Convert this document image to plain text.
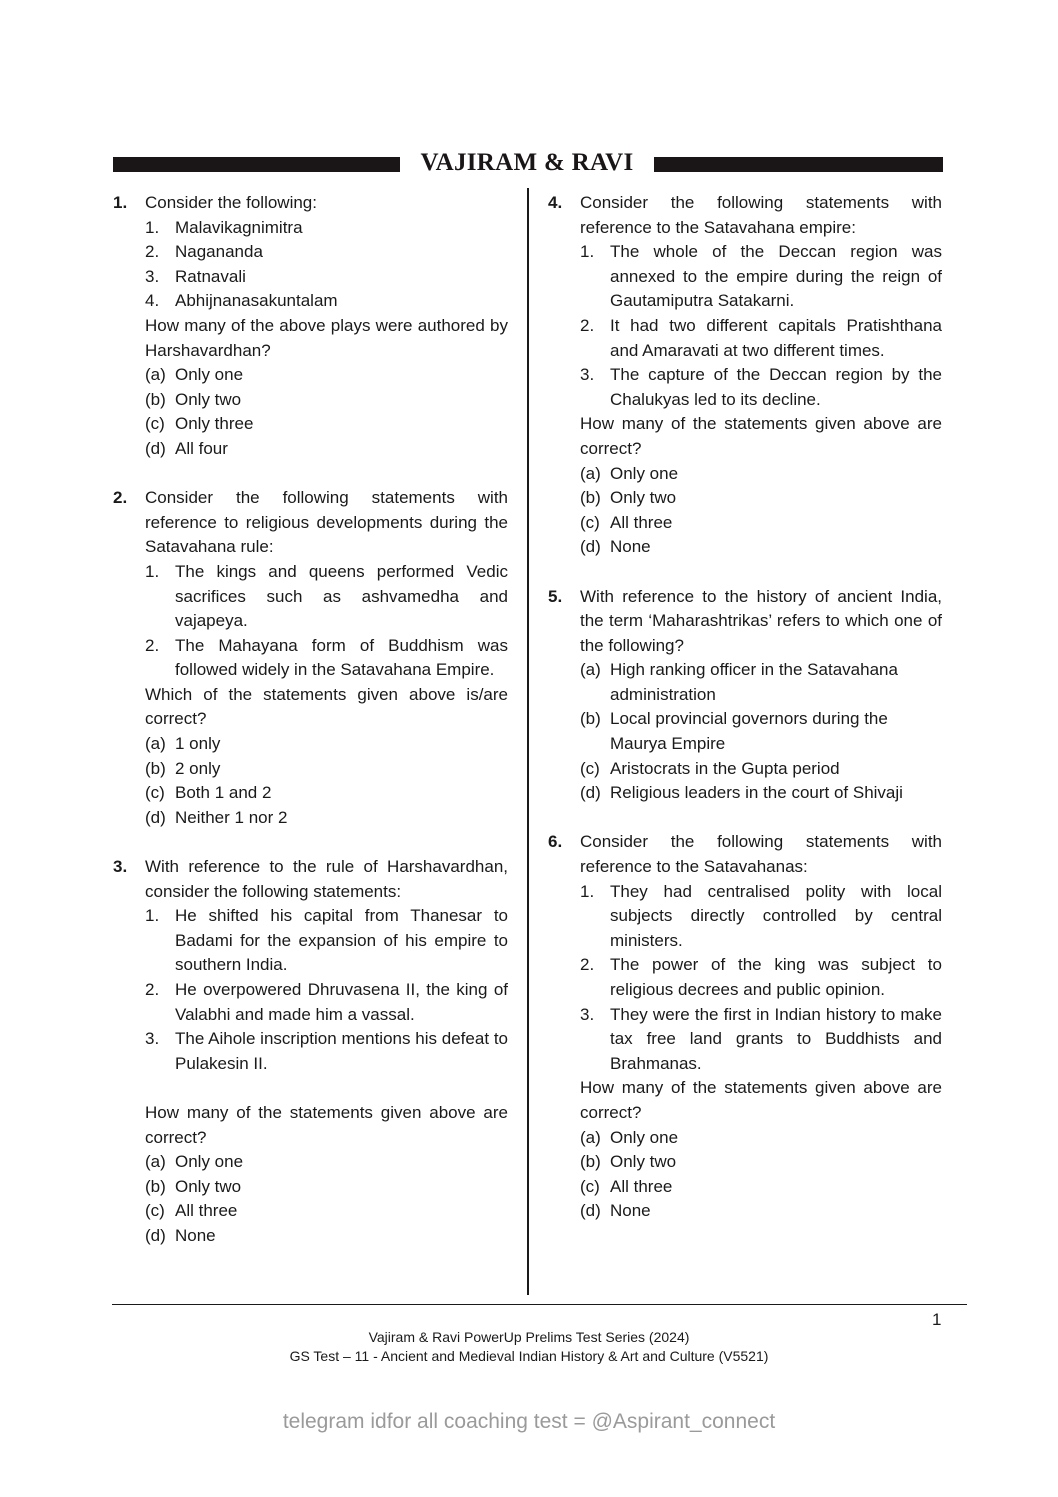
VAJIRAM & RAVI
1. Consider the following:
1. Malavikagnimitra
2. Nagananda
3. Ratnavali
4. Abhijnanasakuntalam
How many of the above plays were authored by Harshavardhan?
(a) Only one
(b) Only two
(c) Only three
(d) All four
2. Consider the following statements with reference to religious developments during the Satavahana rule:
1. The kings and queens performed Vedic sacrifices such as ashvamedha and vajapeya.
2. The Mahayana form of Buddhism was followed widely in the Satavahana Empire.
Which of the statements given above is/are correct?
(a) 1 only
(b) 2 only
(c) Both 1 and 2
(d) Neither 1 nor 2
3. With reference to the rule of Harshavardhan, consider the following statements:
1. He shifted his capital from Thanesar to Badami for the expansion of his empire to southern India.
2. He overpowered Dhruvasena II, the king of Valabhi and made him a vassal.
3. The Aihole inscription mentions his defeat to Pulakesin II.
How many of the statements given above are correct?
(a) Only one
(b) Only two
(c) All three
(d) None
4. Consider the following statements with reference to the Satavahana empire:
1. The whole of the Deccan region was annexed to the empire during the reign of Gautamiputra Satakarni.
2. It had two different capitals Pratishthana and Amaravati at two different times.
3. The capture of the Deccan region by the Chalukyas led to its decline.
How many of the statements given above are correct?
(a) Only one
(b) Only two
(c) All three
(d) None
5. With reference to the history of ancient India, the term ‘Maharashtrikas’ refers to which one of the following?
(a) High ranking officer in the Satavahana administration
(b) Local provincial governors during the Maurya Empire
(c) Aristocrats in the Gupta period
(d) Religious leaders in the court of Shivaji
6. Consider the following statements with reference to the Satavahanas:
1. They had centralised polity with local subjects directly controlled by central ministers.
2. The power of the king was subject to religious decrees and public opinion.
3. They were the first in Indian history to make tax free land grants to Buddhists and Brahmanas.
How many of the statements given above are correct?
(a) Only one
(b) Only two
(c) All three
(d) None
telegram idfor all coaching test = @Aspirant_connect
1
Vajiram & Ravi PowerUp Prelims Test Series (2024)
GS Test – 11 - Ancient and Medieval Indian History & Art and Culture (V5521)
